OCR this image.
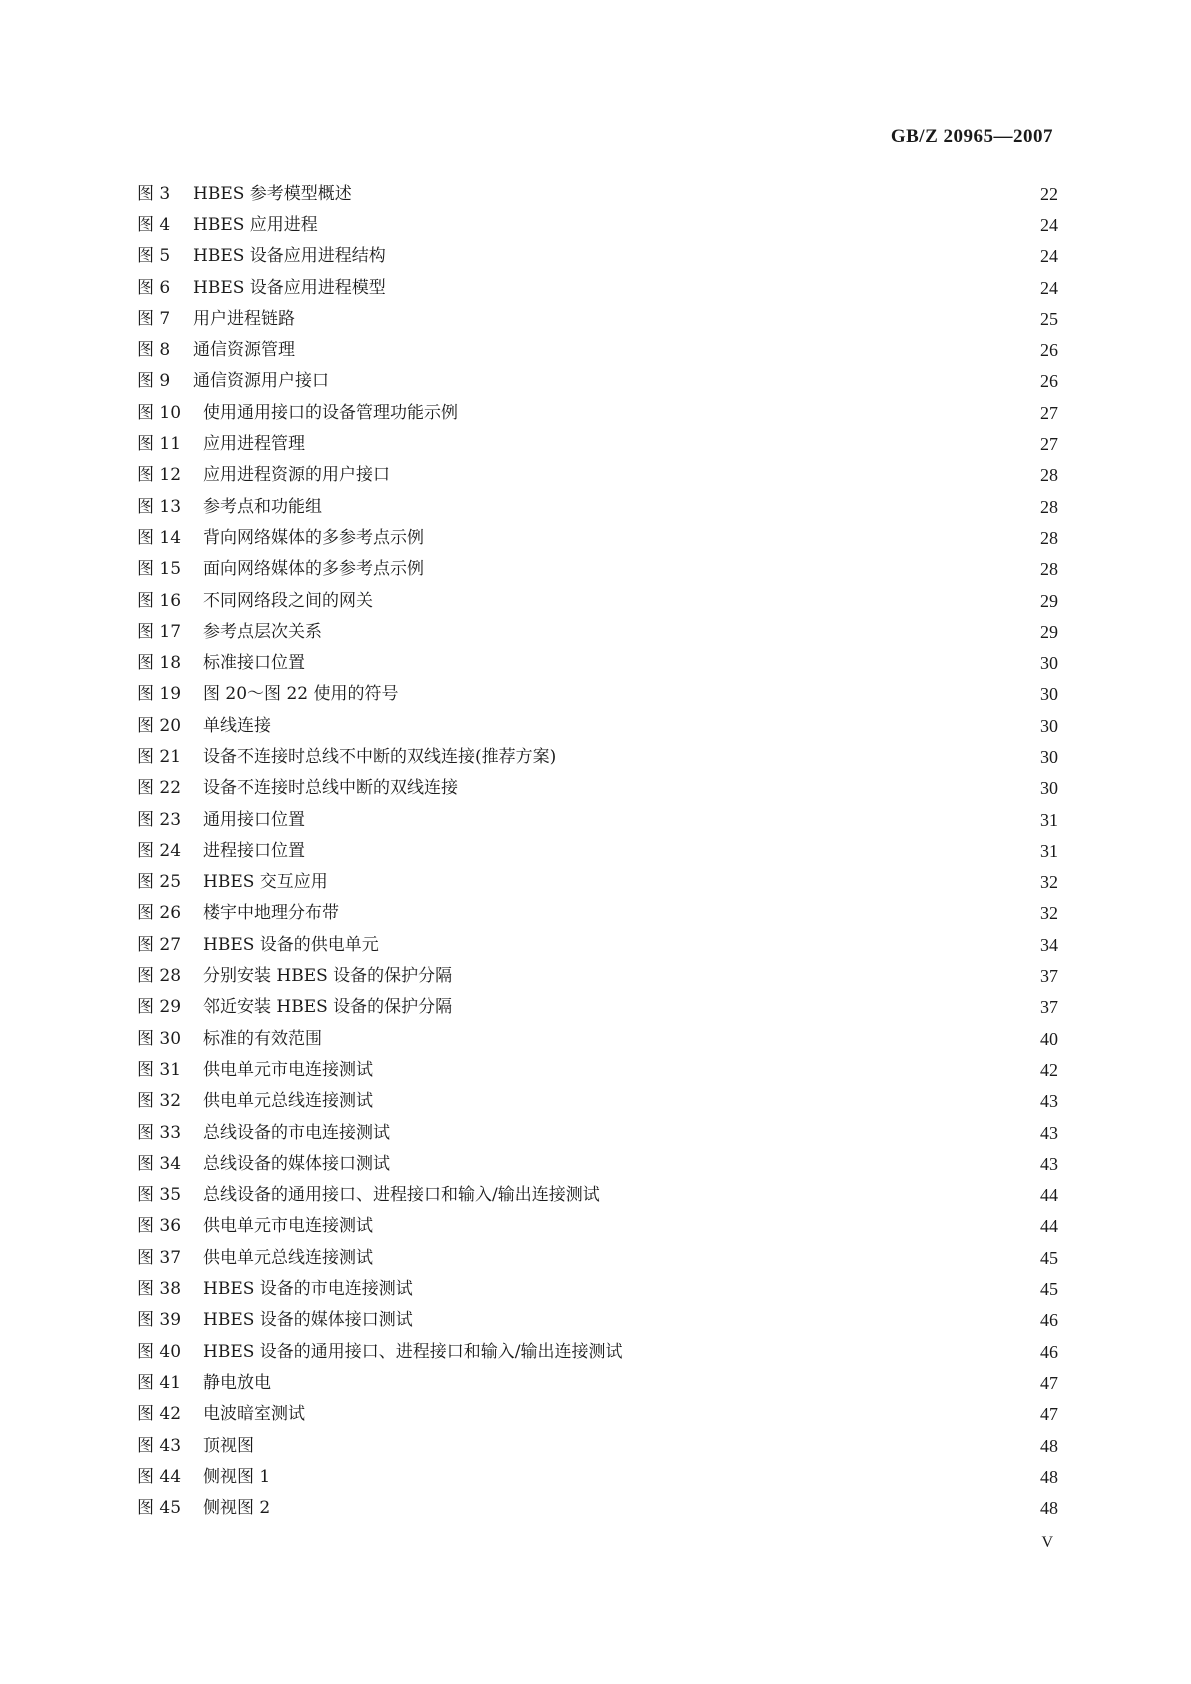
GB/Z 20965—2007
图 3	HBES 参考模型概述	22
图 4	HBES 应用进程	24
图 5	HBES 设备应用进程结构	24
图 6	HBES 设备应用进程模型	24
图 7	用户进程链路	25
图 8	通信资源管理	26
图 9	通信资源用户接口	26
图 10	使用通用接口的设备管理功能示例	27
图 11	应用进程管理	27
图 12	应用进程资源的用户接口	28
图 13	参考点和功能组	28
图 14	背向网络媒体的多参考点示例	28
图 15	面向网络媒体的多参考点示例	28
图 16	不同网络段之间的网关	29
图 17	参考点层次关系	29
图 18	标准接口位置	30
图 19	图 20～图 22 使用的符号	30
图 20	单线连接	30
图 21	设备不连接时总线不中断的双线连接(推荐方案)	30
图 22	设备不连接时总线中断的双线连接	30
图 23	通用接口位置	31
图 24	进程接口位置	31
图 25	HBES 交互应用	32
图 26	楼宇中地理分布带	32
图 27	HBES 设备的供电单元	34
图 28	分别安装 HBES 设备的保护分隔	37
图 29	邻近安装 HBES 设备的保护分隔	37
图 30	标准的有效范围	40
图 31	供电单元市电连接测试	42
图 32	供电单元总线连接测试	43
图 33	总线设备的市电连接测试	43
图 34	总线设备的媒体接口测试	43
图 35	总线设备的通用接口、进程接口和输入/输出连接测试	44
图 36	供电单元市电连接测试	44
图 37	供电单元总线连接测试	45
图 38	HBES 设备的市电连接测试	45
图 39	HBES 设备的媒体接口测试	46
图 40	HBES 设备的通用接口、进程接口和输入/输出连接测试	46
图 41	静电放电	47
图 42	电波暗室测试	47
图 43	顶视图	48
图 44	侧视图 1	48
图 45	侧视图 2	48
V
